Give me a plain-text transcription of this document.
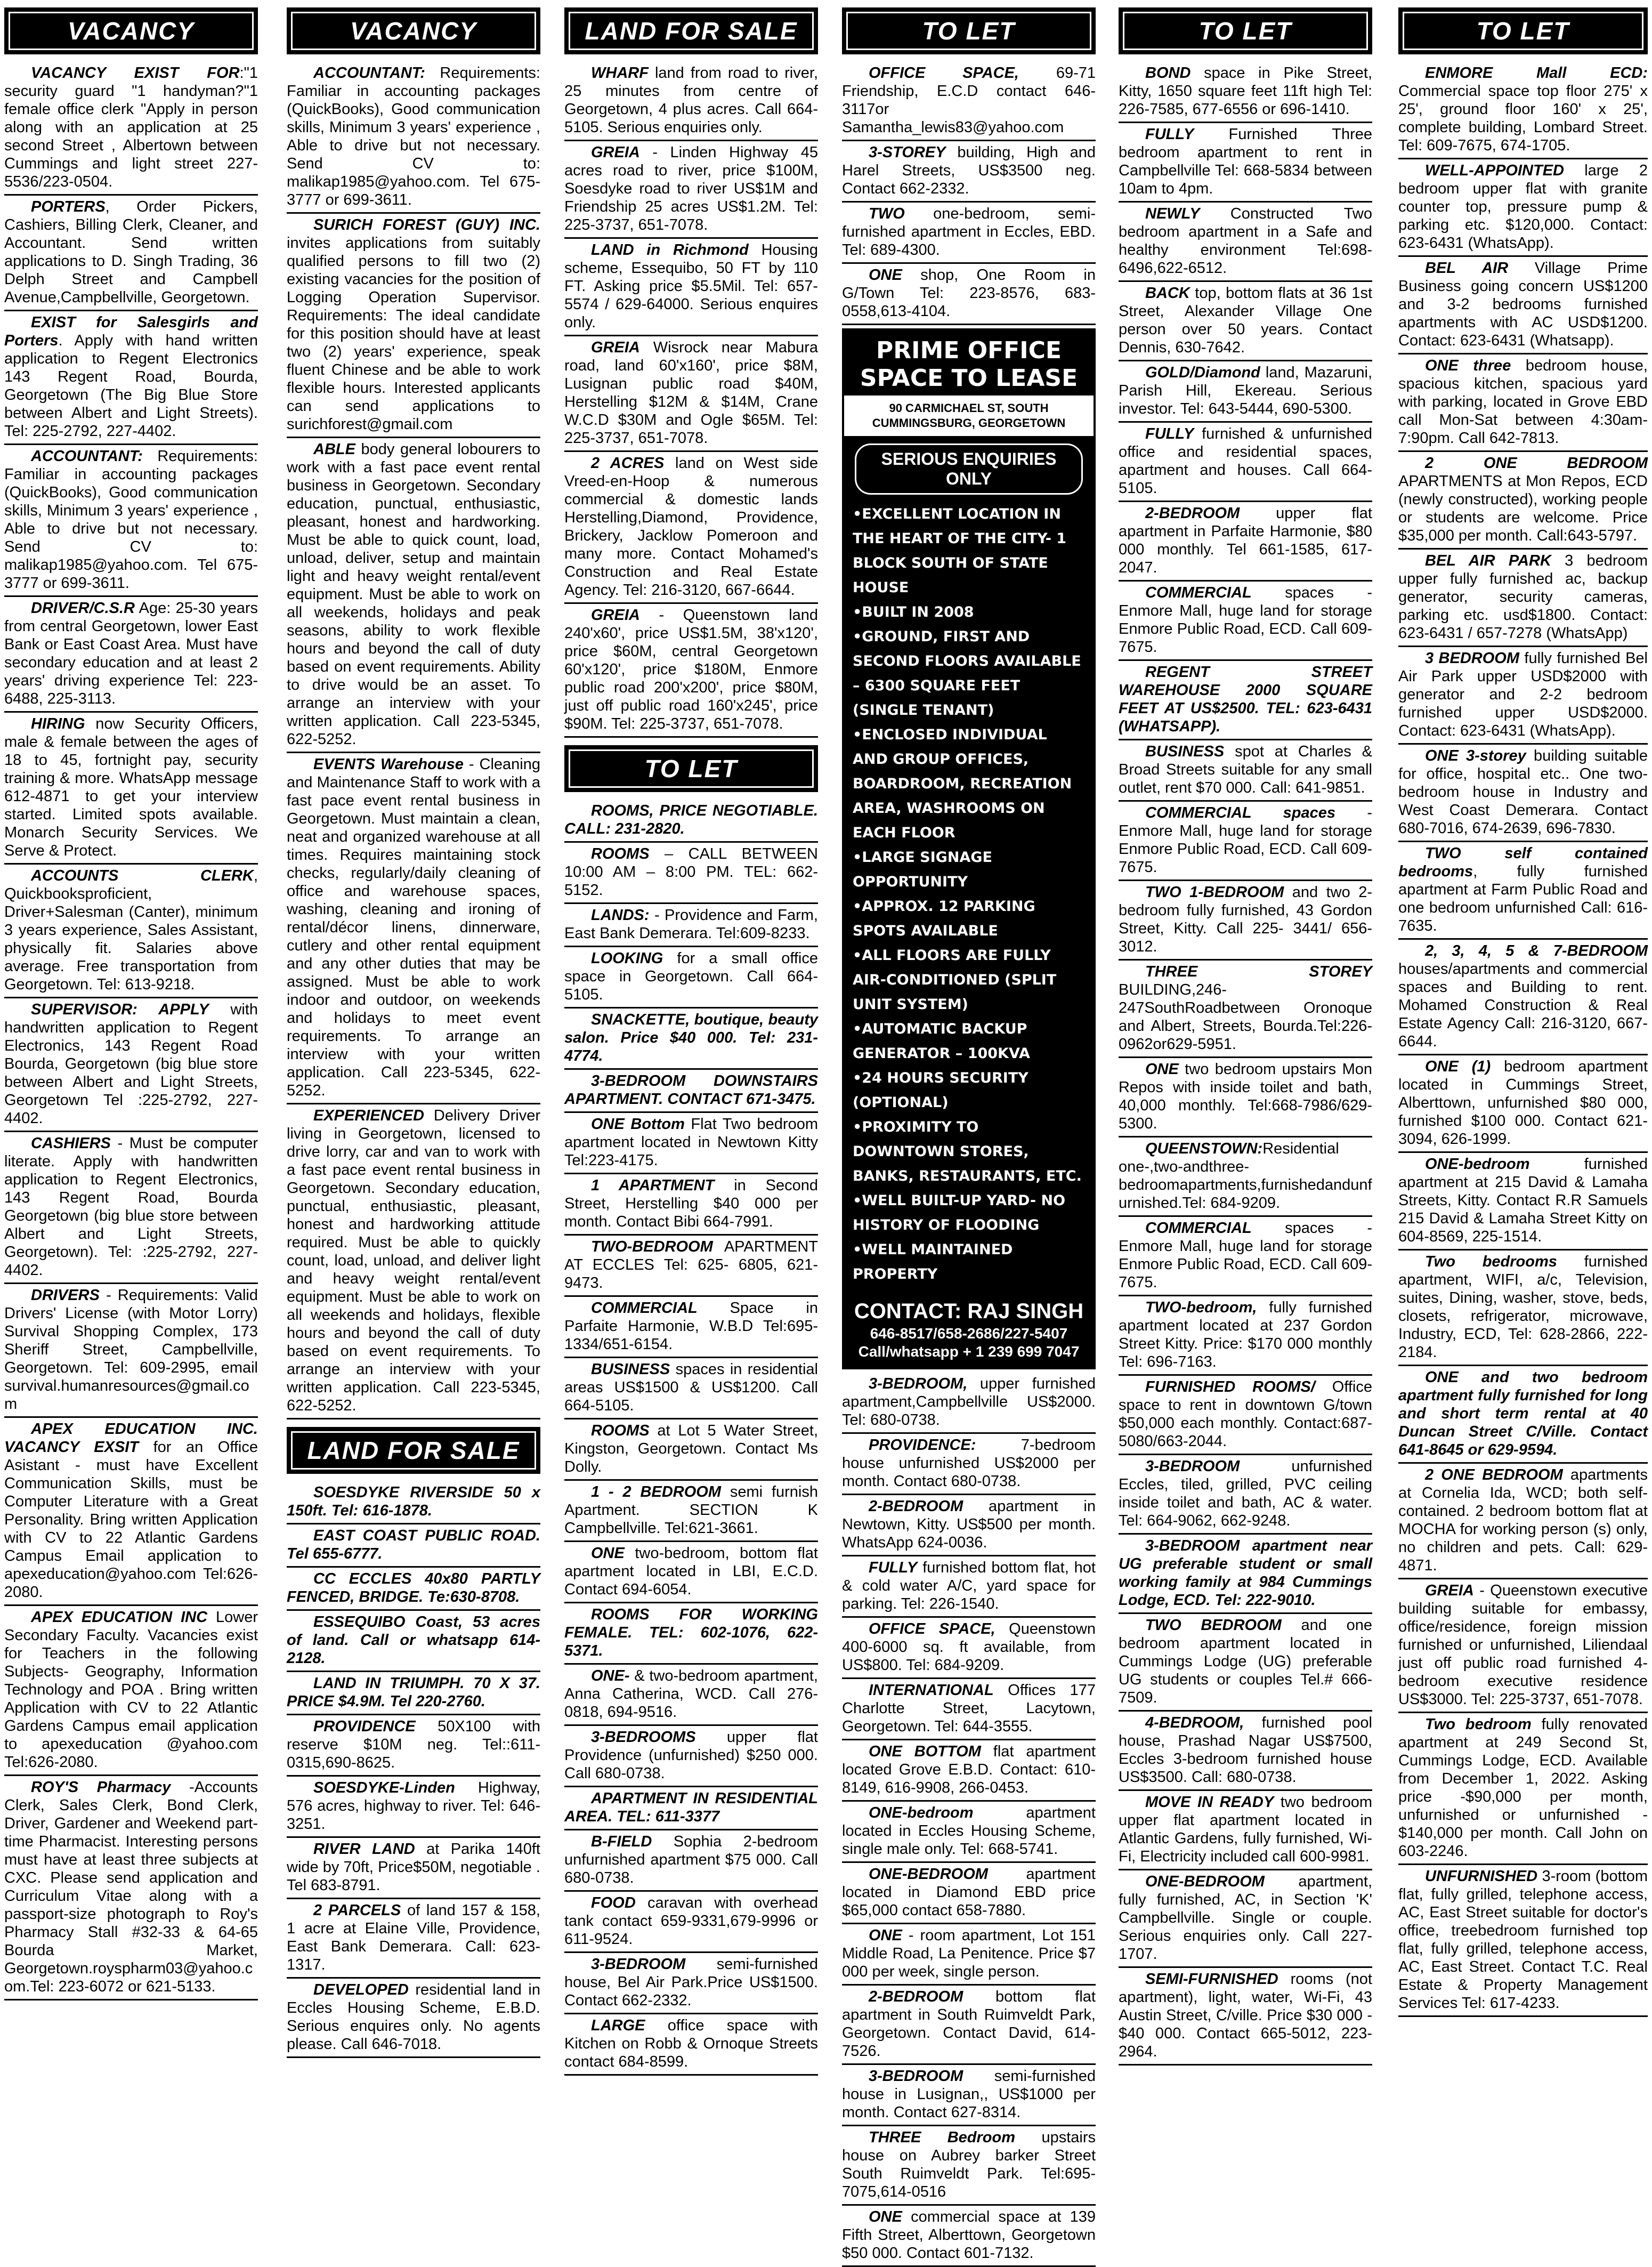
VACANCY
VACANCY EXIST FOR:"1 security guard "1 handyman?"1 female office clerk "Apply in person along with an application at 25 second Street , Albertown between Cummings and light street 227-5536/223-0504.
PORTERS, Order Pickers, Cashiers, Billing Clerk, Cleaner, and Accountant. Send written applications to D. Singh Trading, 36 Delph Street and Campbell Avenue,Campbellville, Georgetown.
EXIST for Salesgirls and Porters. Apply with hand written application to Regent Electronics 143 Regent Road, Bourda, Georgetown (The Big Blue Store between Albert and Light Streets). Tel: 225-2792, 227-4402.
ACCOUNTANT: Requirements: Familiar in accounting packages (QuickBooks), Good communication skills, Minimum 3 years' experience , Able to drive but not necessary. Send CV to: malikap1985@yahoo.com. Tel 675-3777 or 699-3611.
DRIVER/C.S.R Age: 25-30 years from central Georgetown, lower East Bank or East Coast Area. Must have secondary education and at least 2 years' driving experience Tel: 223-6488, 225-3113.
HIRING now Security Officers, male & female between the ages of 18 to 45, fortnight pay, security training & more. WhatsApp message 612-4871 to get your interview started. Limited spots available. Monarch Security Services. We Serve & Protect.
ACCOUNTS CLERK, Quickbooksproficient, Driver+Salesman (Canter), minimum 3 years experience, Sales Assistant, physically fit. Salaries above average. Free transportation from Georgetown. Tel: 613-9218.
SUPERVISOR: APPLY with handwritten application to Regent Electronics, 143 Regent Road Bourda, Georgetown (big blue store between Albert and Light Streets, Georgetown Tel :225-2792, 227-4402.
CASHIERS - Must be computer literate. Apply with handwritten application to Regent Electronics, 143 Regent Road, Bourda Georgetown (big blue store between Albert and Light Streets, Georgetown). Tel: :225-2792, 227-4402.
DRIVERS - Requirements: Valid Drivers' License (with Motor Lorry) Survival Shopping Complex, 173 Sheriff Street, Campbellville, Georgetown. Tel: 609-2995, email survival.humanresources@gmail.com
APEX EDUCATION INC. VACANCY EXSIT for an Office Asistant - must have Excellent Communication Skills, must be Computer Literature with a Great Personality. Bring written Application with CV to 22 Atlantic Gardens Campus Email application to apexeducation@yahoo.com Tel:626-2080.
APEX EDUCATION INC Lower Secondary Faculty. Vacancies exist for Teachers in the following Subjects- Geography, Information Technology and POA . Bring written Application with CV to 22 Atlantic Gardens Campus email application to apexeducation @yahoo.com Tel:626-2080.
ROY'S Pharmacy -Accounts Clerk, Sales Clerk, Bond Clerk, Driver, Gardener and Weekend part-time Pharmacist. Interesting persons must have at least three subjects at CXC. Please send application and Curriculum Vitae along with a passport-size photograph to Roy's Pharmacy Stall #32-33 & 64-65 Bourda Market, Georgetown.royspharm03@yahoo.com.Tel: 223-6072 or 621-5133.
VACANCY
ACCOUNTANT: Requirements: Familiar in accounting packages (QuickBooks), Good communication skills, Minimum 3 years' experience , Able to drive but not necessary. Send CV to: malikap1985@yahoo.com. Tel 675-3777 or 699-3611.
SURICH FOREST (GUY) INC. invites applications from suitably qualified persons to fill two (2) existing vacancies for the position of Logging Operation Supervisor. Requirements: The ideal candidate for this position should have at least two (2) years' experience, speak fluent Chinese and be able to work flexible hours. Interested applicants can send applications to surichforest@gmail.com
ABLE body general lobourers to work with a fast pace event rental business in Georgetown. Secondary education, punctual, enthusiastic, pleasant, honest and hardworking. Must be able to quick count, load, unload, deliver, setup and maintain light and heavy weight rental/event equipment. Must be able to work on all weekends, holidays and peak seasons, ability to work flexible hours and beyond the call of duty based on event requirements. Ability to drive would be an asset. To arrange an interview with your written application. Call 223-5345, 622-5252.
EVENTS Warehouse - Cleaning and Maintenance Staff to work with a fast pace event rental business in Georgetown. Must maintain a clean, neat and organized warehouse at all times. Requires maintaining stock checks, regularly/daily cleaning of office and warehouse spaces, washing, cleaning and ironing of rental/décor linens, dinnerware, cutlery and other rental equipment and any other duties that may be assigned. Must be able to work indoor and outdoor, on weekends and holidays to meet event requirements. To arrange an interview with your written application. Call 223-5345, 622-5252.
EXPERIENCED Delivery Driver living in Georgetown, licensed to drive lorry, car and van to work with a fast pace event rental business in Georgetown. Secondary education, punctual, enthusiastic, pleasant, honest and hardworking attitude required. Must be able to quickly count, load, unload, and deliver light and heavy weight rental/event equipment. Must be able to work on all weekends and holidays, flexible hours and beyond the call of duty based on event requirements. To arrange an interview with your written application. Call 223-5345, 622-5252.
LAND FOR SALE
SOESDYKE RIVERSIDE 50 x 150ft. Tel: 616-1878.
EAST COAST PUBLIC ROAD. Tel 655-6777.
CC ECCLES 40x80 PARTLY FENCED, BRIDGE. Te:630-8708.
ESSEQUIBO Coast, 53 acres of land. Call or whatsapp 614-2128.
LAND IN TRIUMPH. 70 X 37. PRICE $4.9M. Tel 220-2760.
PROVIDENCE 50X100 with reserve $10M neg. Tel::611-0315,690-8625.
SOESDYKE-Linden Highway, 576 acres, highway to river. Tel: 646-3251.
RIVER LAND at Parika 140ft wide by 70ft, Price$50M, negotiable . Tel 683-8791.
2 PARCELS of land 157 & 158, 1 acre at Elaine Ville, Providence, East Bank Demerara. Call: 623-1317.
DEVELOPED residential land in Eccles Housing Scheme, E.B.D. Serious enquires only. No agents please. Call 646-7018.
LAND FOR SALE
WHARF land from road to river, 25 minutes from centre of Georgetown, 4 plus acres. Call 664-5105. Serious enquiries only.
GREIA - Linden Highway 45 acres road to river, price $100M, Soesdyke road to river US$1M and Friendship 25 acres US$1.2M. Tel: 225-3737, 651-7078.
LAND in Richmond Housing scheme, Essequibo, 50 FT by 110 FT. Asking price $5.5Mil. Tel: 657-5574 / 629-64000. Serious enquires only.
GREIA Wisrock near Mabura road, land 60'x160', price $8M, Lusignan public road $40M, Herstelling $12M & $14M, Crane W.C.D $30M and Ogle $65M. Tel: 225-3737, 651-7078.
2 ACRES land on West side Vreed-en-Hoop & numerous commercial & domestic lands Herstelling,Diamond, Providence, Brickery, Jacklow Pomeroon and many more. Contact Mohamed's Construction and Real Estate Agency. Tel: 216-3120, 667-6644.
GREIA - Queenstown land 240'x60', price US$1.5M, 38'x120', price $60M, central Georgetown 60'x120', price $180M, Enmore public road 200'x200', price $80M, just off public road 160'x245', price $90M. Tel: 225-3737, 651-7078.
TO LET
ROOMS, PRICE NEGOTIABLE. CALL: 231-2820.
ROOMS – CALL BETWEEN 10:00 AM – 8:00 PM. TEL: 662-5152.
LANDS: - Providence and Farm, East Bank Demerara. Tel:609-8233.
LOOKING for a small office space in Georgetown. Call 664-5105.
SNACKETTE, boutique, beauty salon. Price $40 000. Tel: 231-4774.
3-BEDROOM DOWNSTAIRS APARTMENT. CONTACT 671-3475.
ONE Bottom Flat Two bedroom apartment located in Newtown Kitty Tel:223-4175.
1 APARTMENT in Second Street, Herstelling $40 000 per month. Contact Bibi 664-7991.
TWO-BEDROOM APARTMENT AT ECCLES Tel: 625- 6805, 621-9473.
COMMERCIAL Space in Parfaite Harmonie, W.B.D Tel:695-1334/651-6154.
BUSINESS spaces in residential areas US$1500 & US$1200. Call 664-5105.
ROOMS at Lot 5 Water Street, Kingston, Georgetown. Contact Ms Dolly.
1 - 2 BEDROOM semi furnish Apartment. SECTION K Campbellville. Tel:621-3661.
ONE two-bedroom, bottom flat apartment located in LBI, E.C.D. Contact 694-6054.
ROOMS FOR WORKING FEMALE. TEL: 602-1076, 622-5371.
ONE- & two-bedroom apartment, Anna Catherina, WCD. Call 276-0818, 694-9516.
3-BEDROOMS upper flat Providence (unfurnished) $250 000. Call 680-0738.
APARTMENT IN RESIDENTIAL AREA. TEL: 611-3377
B-FIELD Sophia 2-bedroom unfurnished apartment $75 000. Call 680-0738.
FOOD caravan with overhead tank contact 659-9331,679-9996 or 611-9524.
3-BEDROOM semi-furnished house, Bel Air Park.Price US$1500. Contact 662-2332.
LARGE office space with Kitchen on Robb & Ornoque Streets contact 684-8599.
TO LET
OFFICE SPACE, 69-71 Friendship, E.C.D contact 646-3117or Samantha_lewis83@yahoo.com
3-STOREY building, High and Harel Streets, US$3500 neg. Contact 662-2332.
TWO one-bedroom, semi-furnished apartment in Eccles, EBD. Tel: 689-4300.
ONE shop, One Room in G/Town Tel: 223-8576, 683-0558,613-4104.
PRIME OFFICE SPACE TO LEASE
90 CARMICHAEL ST, SOUTH CUMMINGSBURG, GEORGETOWN
SERIOUS ENQUIRIES ONLY
• EXCELLENT LOCATION IN THE HEART OF THE CITY- 1 BLOCK SOUTH OF STATE HOUSE
• BUILT IN 2008
• GROUND, FIRST AND SECOND FLOORS AVAILABLE – 6300 SQUARE FEET (SINGLE TENANT)
• ENCLOSED INDIVIDUAL AND GROUP OFFICES, BOARDROOM, RECREATION AREA, WASHROOMS ON EACH FLOOR
• LARGE SIGNAGE OPPORTUNITY
• APPROX. 12 PARKING SPOTS AVAILABLE
• ALL FLOORS ARE FULLY AIR-CONDITIONED (SPLIT UNIT SYSTEM)
• AUTOMATIC BACKUP GENERATOR – 100KVA
• 24 HOURS SECURITY (OPTIONAL)
• PROXIMITY TO DOWNTOWN STORES, BANKS, RESTAURANTS, ETC.
• WELL BUILT-UP YARD- NO HISTORY OF FLOODING
• WELL MAINTAINED PROPERTY
CONTACT: RAJ SINGH
646-8517/658-2686/227-5407 Call/whatsapp + 1 239 699 7047
3-BEDROOM, upper furnished apartment,Campbellville US$2000. Tel: 680-0738.
PROVIDENCE: 7-bedroom house unfurnished US$2000 per month. Contact 680-0738.
2-BEDROOM apartment in Newtown, Kitty. US$500 per month. WhatsApp 624-0036.
FULLY furnished bottom flat, hot & cold water A/C, yard space for parking. Tel: 226-1540.
OFFICE SPACE, Queenstown 400-6000 sq. ft available, from US$800. Tel: 684-9209.
INTERNATIONAL Offices 177 Charlotte Street, Lacytown, Georgetown. Tel: 644-3555.
ONE BOTTOM flat apartment located Grove E.B.D. Contact: 610-8149, 616-9908, 266-0453.
ONE-bedroom apartment located in Eccles Housing Scheme, single male only. Tel: 668-5741.
ONE-BEDROOM apartment located in Diamond EBD price $65,000 contact 658-7880.
ONE - room apartment, Lot 151 Middle Road, La Penitence. Price $7 000 per week, single person.
2-BEDROOM bottom flat apartment in South Ruimveldt Park, Georgetown. Contact David, 614-7526.
3-BEDROOM semi-furnished house in Lusignan,, US$1000 per month. Contact 627-8314.
THREE Bedroom upstairs house on Aubrey barker Street South Ruimveldt Park. Tel:695-7075,614-0516
ONE commercial space at 139 Fifth Street, Alberttown, Georgetown $50 000. Contact 601-7132.
TO LET
BOND space in Pike Street, Kitty, 1650 square feet 11ft high Tel: 226-7585, 677-6556 or 696-1410.
FULLY Furnished Three bedroom apartment to rent in Campbellville Tel: 668-5834 between 10am to 4pm.
NEWLY Constructed Two bedroom apartment in a Safe and healthy environment Tel:698-6496,622-6512.
BACK top, bottom flats at 36 1st Street, Alexander Village One person over 50 years. Contact Dennis, 630-7642.
GOLD/Diamond land, Mazaruni, Parish Hill, Ekereau. Serious investor. Tel: 643-5444, 690-5300.
FULLY furnished & unfurnished office and residential spaces, apartment and houses. Call 664-5105.
2-BEDROOM upper flat apartment in Parfaite Harmonie, $80 000 monthly. Tel 661-1585, 617-2047.
COMMERCIAL spaces - Enmore Mall, huge land for storage Enmore Public Road, ECD. Call 609-7675.
REGENT STREET WAREHOUSE 2000 SQUARE FEET AT US$2500. TEL: 623-6431 (WHATSAPP).
BUSINESS spot at Charles & Broad Streets suitable for any small outlet, rent $70 000. Call: 641-9851.
COMMERCIAL spaces - Enmore Mall, huge land for storage Enmore Public Road, ECD. Call 609-7675.
TWO 1-BEDROOM and two 2-bedroom fully furnished, 43 Gordon Street, Kitty. Call 225- 3441/ 656-3012.
THREE STOREY BUILDING,246-247SouthRoadbetween Oronoque and Albert, Streets, Bourda.Tel:226-0962or629-5951.
ONE two bedroom upstairs Mon Repos with inside toilet and bath, 40,000 monthly. Tel:668-7986/629-5300.
QUEENSTOWN:Residential one-,two-andthree-bedroomapartments,furnishedandunfurnished.Tel: 684-9209.
COMMERCIAL spaces - Enmore Mall, huge land for storage Enmore Public Road, ECD. Call 609-7675.
TWO-bedroom, fully furnished apartment located at 237 Gordon Street Kitty. Price: $170 000 monthly Tel: 696-7163.
FURNISHED ROOMS/ Office space to rent in downtown G/town $50,000 each monthly. Contact:687-5080/663-2044.
3-BEDROOM unfurnished Eccles, tiled, grilled, PVC ceiling inside toilet and bath, AC & water. Tel: 664-9062, 662-9248.
3-BEDROOM apartment near UG preferable student or small working family at 984 Cummings Lodge, ECD. Tel: 222-9010.
TWO BEDROOM and one bedroom apartment located in Cummings Lodge (UG) preferable UG students or couples Tel.# 666-7509.
4-BEDROOM, furnished pool house, Prashad Nagar US$7500, Eccles 3-bedroom furnished house US$3500. Call: 680-0738.
MOVE IN READY two bedroom upper flat apartment located in Atlantic Gardens, fully furnished, Wi-Fi, Electricity included call 600-9981.
ONE-BEDROOM apartment, fully furnished, AC, in Section 'K' Campbellville. Single or couple. Serious enquiries only. Call 227-1707.
SEMI-FURNISHED rooms (not apartment), light, water, Wi-Fi, 43 Austin Street, C/ville. Price $30 000 - $40 000. Contact 665-5012, 223-2964.
TO LET
ENMORE Mall ECD: Commercial space top floor 275' x 25', ground floor 160' x 25', complete building, Lombard Street. Tel: 609-7675, 674-1705.
WELL-APPOINTED large 2 bedroom upper flat with granite counter top, pressure pump & parking etc. $120,000. Contact: 623-6431 (WhatsApp).
BEL AIR Village Prime Business going concern US$1200 and 3-2 bedrooms furnished apartments with AC USD$1200. Contact: 623-6431 (Whatsapp).
ONE three bedroom house, spacious kitchen, spacious yard with parking, located in Grove EBD call Mon-Sat between 4:30am-7:90pm. Call 642-7813.
2 ONE BEDROOM APARTMENTS at Mon Repos, ECD (newly constructed), working people or students are welcome. Price $35,000 per month. Call:643-5797.
BEL AIR PARK 3 bedroom upper fully furnished ac, backup generator, security cameras, parking etc. usd$1800. Contact: 623-6431 / 657-7278 (WhatsApp)
3 BEDROOM fully furnished Bel Air Park upper USD$2000 with generator and 2-2 bedroom furnished upper USD$2000. Contact: 623-6431 (WhatsApp).
ONE 3-storey building suitable for office, hospital etc.. One two-bedroom house in Industry and West Coast Demerara. Contact 680-7016, 674-2639, 696-7830.
TWO self contained bedrooms, fully furnished apartment at Farm Public Road and one bedroom unfurnished Call: 616-7635.
2, 3, 4, 5 & 7-BEDROOM houses/apartments and commercial spaces and Building to rent. Mohamed Construction & Real Estate Agency Call: 216-3120, 667-6644.
ONE (1) bedroom apartment located in Cummings Street, Alberttown, unfurnished $80 000, furnished $100 000. Contact 621-3094, 626-1999.
ONE-bedroom furnished apartment at 215 David & Lamaha Streets, Kitty. Contact R.R Samuels 215 David & Lamaha Street Kitty on 604-8569, 225-1514.
Two bedrooms furnished apartment, WIFI, a/c, Television, suites, Dining, washer, stove, beds, closets, refrigerator, microwave, Industry, ECD, Tel: 628-2866, 222-2184.
ONE and two bedroom apartment fully furnished for long and short term rental at 40 Duncan Street C/Ville. Contact 641-8645 or 629-9594.
2 ONE BEDROOM apartments at Cornelia Ida, WCD; both self-contained. 2 bedroom bottom flat at MOCHA for working person (s) only, no children and pets. Call: 629-4871.
GREIA - Queenstown executive building suitable for embassy, office/residence, foreign mission furnished or unfurnished, Liliendaal just off public road furnished 4-bedroom executive residence US$3000. Tel: 225-3737, 651-7078.
Two bedroom fully renovated apartment at 249 Second St, Cummings Lodge, ECD. Available from December 1, 2022. Asking price -$90,000 per month, unfurnished or unfurnished - $140,000 per month. Call John on 603-2246.
UNFURNISHED 3-room (bottom flat, fully grilled, telephone access, AC, East Street suitable for doctor's office, treebedroom furnished top flat, fully grilled, telephone access, AC, East Street. Contact T.C. Real Estate & Property Management Services Tel: 617-4233.
